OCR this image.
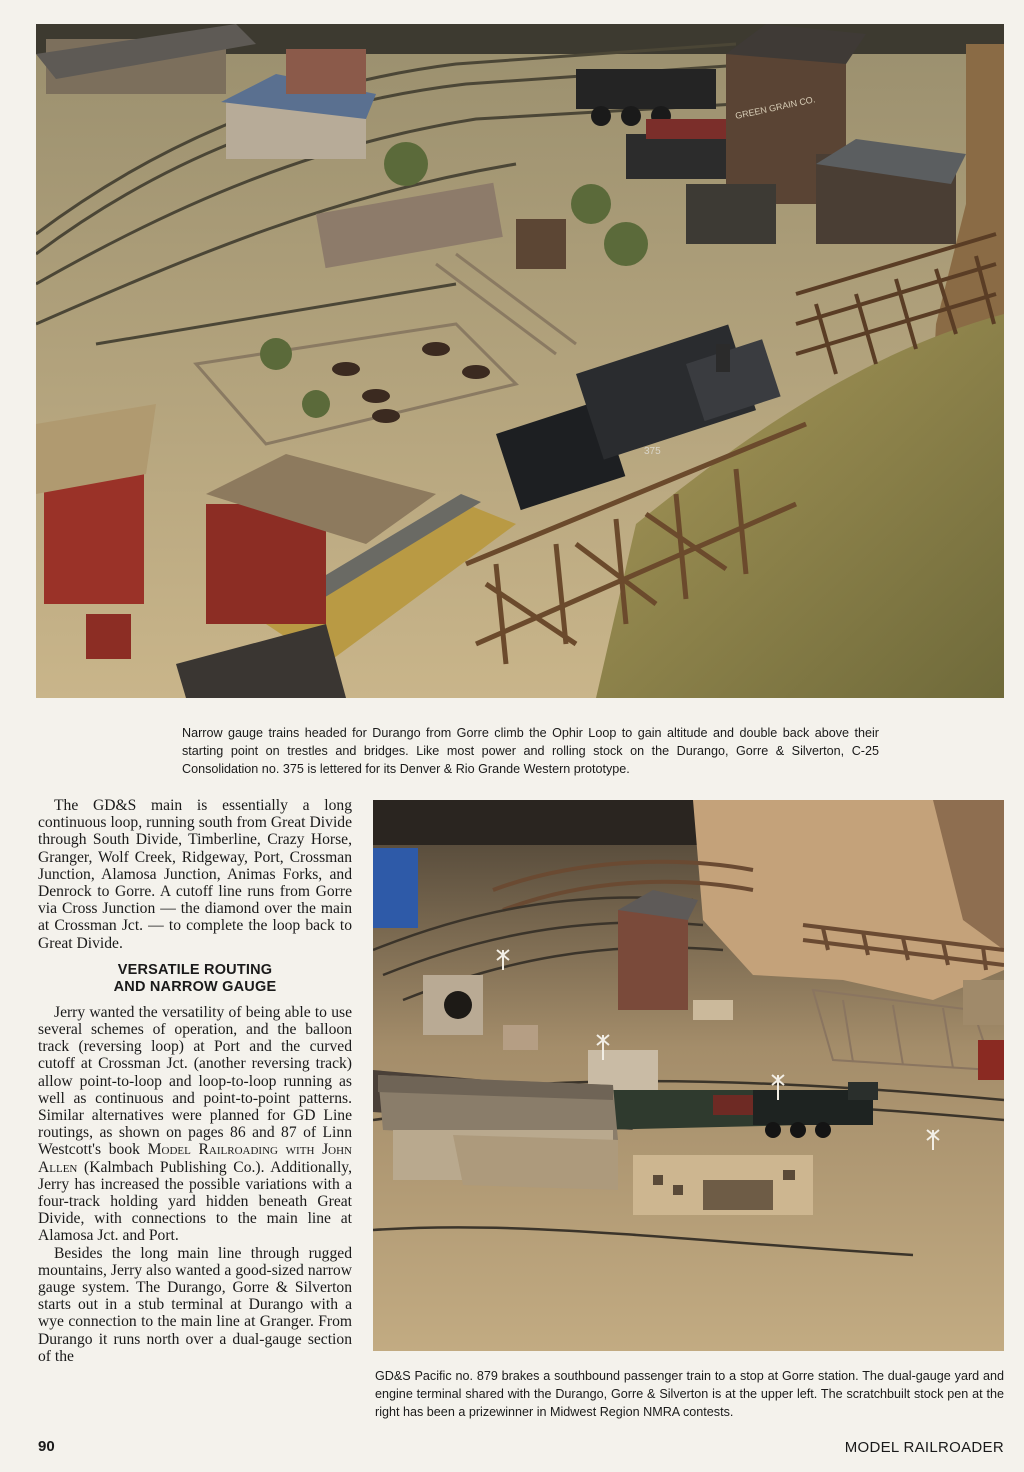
GREEN GRAIN CO.
375

Narrow gauge trains headed for Durango from Gorre climb the Ophir Loop to gain altitude and double back above their starting point on trestles and bridges. Like most power and rolling stock on the Durango, Gorre & Silverton, C-25 Consolidation no. 375 is lettered for its Denver & Rio Grande Western prototype.

The GD&S main is essentially a long continuous loop, running south from Great Divide through South Divide, Timberline, Crazy Horse, Granger, Wolf Creek, Ridgeway, Port, Crossman Junction, Alamosa Junction, Animas Forks, and Denrock to Gorre. A cutoff line runs from Gorre via Cross Junction — the diamond over the main at Crossman Jct. — to complete the loop back to Great Divide.

VERSATILE ROUTING
AND NARROW GAUGE

Jerry wanted the versatility of being able to use several schemes of operation, and the balloon track (reversing loop) at Port and the curved cutoff at Crossman Jct. (another reversing track) allow point-to-loop and loop-to-loop running as well as continuous and point-to-point patterns. Similar alternatives were planned for GD Line routings, as shown on pages 86 and 87 of Linn Westcott's book Model Railroading with John Allen (Kalmbach Publishing Co.). Additionally, Jerry has increased the possible variations with a four-track holding yard hidden beneath Great Divide, with connections to the main line at Alamosa Jct. and Port.

Besides the long main line through rugged mountains, Jerry also wanted a good-sized narrow gauge system. The Durango, Gorre & Silverton starts out in a stub terminal at Durango with a wye connection to the main line at Granger. From Durango it runs north over a dual-gauge section of the

GD&S Pacific no. 879 brakes a southbound passenger train to a stop at Gorre station. The dual-gauge yard and engine terminal shared with the Durango, Gorre & Silverton is at the upper left. The scratchbuilt stock pen at the right has been a prizewinner in Midwest Region NMRA contests.

90	MODEL RAILROADER
